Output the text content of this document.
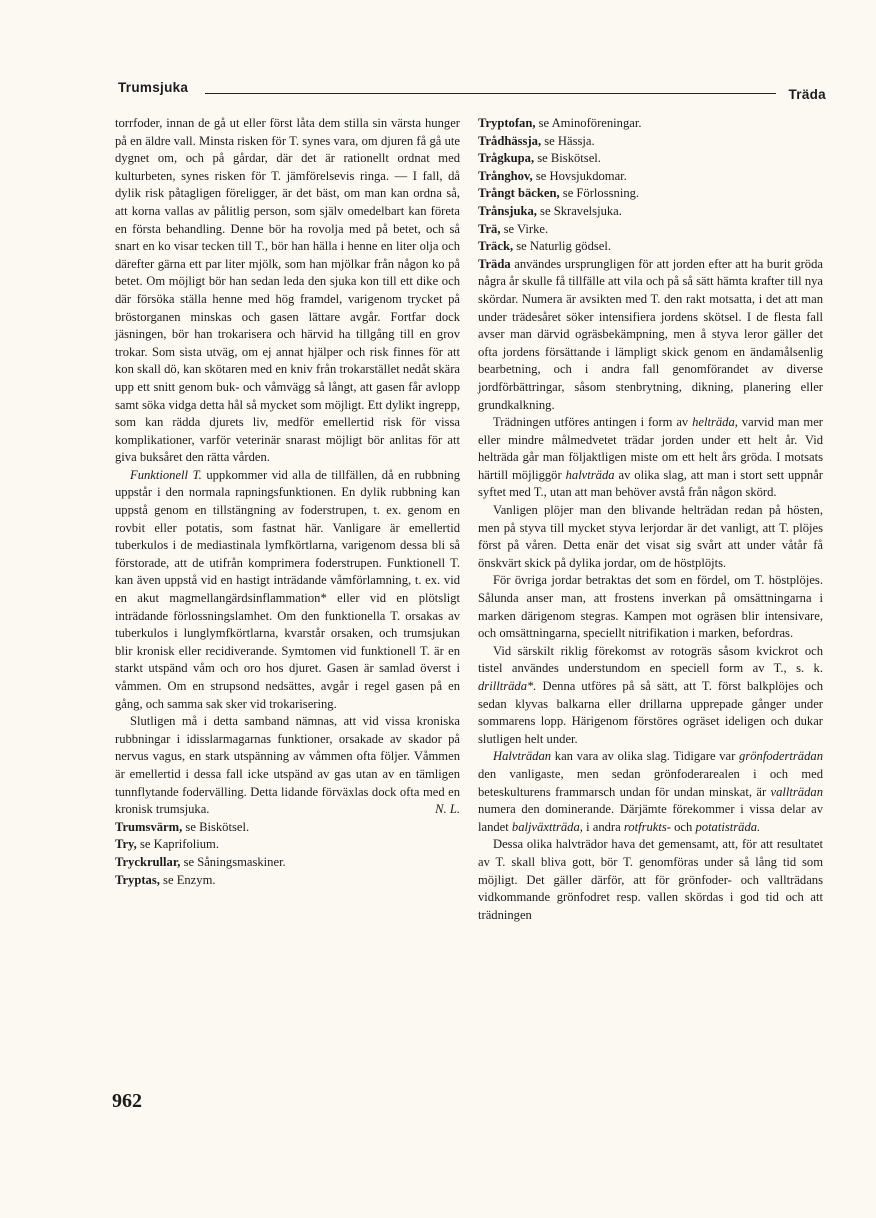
Trumsjuka	Träda

torrfoder, innan de gå ut eller först låta dem stilla sin värsta hunger på en äldre vall. Minsta risken för T. synes vara, om djuren få gå ute dygnet om, och på gårdar, där det är rationellt ordnat med kulturbeten, synes risken för T. jämförelsevis ringa. — I fall, då dylik risk påtagligen föreligger, är det bäst, om man kan ordna så, att korna vallas av pålitlig person, som själv omedelbart kan företa en första behandling. Denne bör ha rovolja med på betet, och så snart en ko visar tecken till T., bör han hälla i henne en liter olja och därefter gärna ett par liter mjölk, som han mjölkar från någon ko på betet. Om möjligt bör han sedan leda den sjuka kon till ett dike och där försöka ställa henne med hög framdel, varigenom trycket på bröstorganen minskas och gasen lättare avgår. Fortfar dock jäsningen, bör han trokarisera och härvid ha tillgång till en grov trokar. Som sista utväg, om ej annat hjälper och risk finnes för att kon skall dö, kan skötaren med en kniv från trokarstället nedåt skära upp ett snitt genom buk- och våmvägg så långt, att gasen får avlopp samt söka vidga detta hål så mycket som möjligt. Ett dylikt ingrepp, som kan rädda djurets liv, medför emellertid risk för vissa komplikationer, varför veterinär snarast möjligt bör anlitas för att giva buksåret den rätta vården.

Funktionell T. uppkommer vid alla de tillfällen, då en rubbning uppstår i den normala rapningsfunktionen. En dylik rubbning kan uppstå genom en tillstängning av foderstrupen, t. ex. genom en rovbit eller potatis, som fastnat här. Vanligare är emellertid tuberkulos i de mediastinala lymfkörtlarna, varigenom dessa bli så förstorade, att de utifrån komprimera foderstrupen. Funktionell T. kan även uppstå vid en hastigt inträdande våmförlamning, t. ex. vid en akut magmellangärdsinflammation* eller vid en plötsligt inträdande förlossningslamhet. Om den funktionella T. orsakas av tuberkulos i lunglymfkörtlarna, kvarstår orsaken, och trumsjukan blir kronisk eller recidiverande. Symtomen vid funktionell T. är en starkt utspänd våm och oro hos djuret. Gasen är samlad överst i våmmen. Om en strupsond nedsättes, avgår i regel gasen på en gång, och samma sak sker vid trokarisering.

Slutligen må i detta samband nämnas, att vid vissa kroniska rubbningar i idisslarmagarnas funktioner, orsakade av skador på nervus vagus, en stark utspänning av våmmen ofta följer. Våmmen är emellertid i dessa fall icke utspänd av gas utan av en tämligen tunnflytande fodervälling. Detta lidande förväxlas dock ofta med en kronisk trumsjuka.	N. L.

Trumsvärm, se Biskötsel.

Try, se Kaprifolium.

Tryckrullar, se Såningsmaskiner.

Tryptas, se Enzym.

Tryptofan, se Aminoföreningar.

Trådhässja, se Hässja.

Trågkupa, se Biskötsel.

Trånghov, se Hovsjukdomar.

Trångt bäcken, se Förlossning.

Trånsjuka, se Skravelsjuka.

Trä, se Virke.

Träck, se Naturlig gödsel.

Träda användes ursprungligen för att jorden efter att ha burit gröda några år skulle få tillfälle att vila och på så sätt hämta krafter till nya skördar. Numera är avsikten med T. den rakt motsatta, i det att man under trädesåret söker intensifiera jordens skötsel. I de flesta fall avser man därvid ogräsbekämpning, men å styva leror gäller det ofta jordens försättande i lämpligt skick genom en ändamålsenlig bearbetning, och i andra fall genomförandet av diverse jordförbättringar, såsom stenbrytning, dikning, planering eller grundkalkning.

Trädningen utföres antingen i form av helträda, varvid man mer eller mindre målmedvetet trädar jorden under ett helt år. Vid helträda går man följaktligen miste om ett helt års gröda. I motsats härtill möjliggör halvträda av olika slag, att man i stort sett uppnår syftet med T., utan att man behöver avstå från någon skörd.

Vanligen plöjer man den blivande helträdan redan på hösten, men på styva till mycket styva lerjordar är det vanligt, att T. plöjes först på våren. Detta enär det visat sig svårt att under våtår få önskvärt skick på dylika jordar, om de höstplöjts.

För övriga jordar betraktas det som en fördel, om T. höstplöjes. Sålunda anser man, att frostens inverkan på omsättningarna i marken därigenom stegras. Kampen mot ogräsen blir intensivare, och omsättningarna, speciellt nitrifikation i marken, befordras.

Vid särskilt riklig förekomst av rotogräs såsom kvickrot och tistel användes understundom en speciell form av T., s. k. drillträda*. Denna utföres på så sätt, att T. först balkplöjes och sedan klyvas balkarna eller drillarna upprepade gånger under sommarens lopp. Härigenom förstöres ogräset ideligen och dukar slutligen helt under.

Halvträdan kan vara av olika slag. Tidigare var grönfoderträdan den vanligaste, men sedan grönfoderarealen i och med beteskulturens frammarsch undan för undan minskat, är vallträdan numera den dominerande. Därjämte förekommer i vissa delar av landet baljväxtträda, i andra rotfrukts- och potatisträda.

Dessa olika halvträdor hava det gemensamt, att, för att resultatet av T. skall bliva gott, bör T. genomföras under så lång tid som möjligt. Det gäller därför, att för grönfoder- och vallträdans vidkommande grönfodret resp. vallen skördas i god tid och att trädningen

962
